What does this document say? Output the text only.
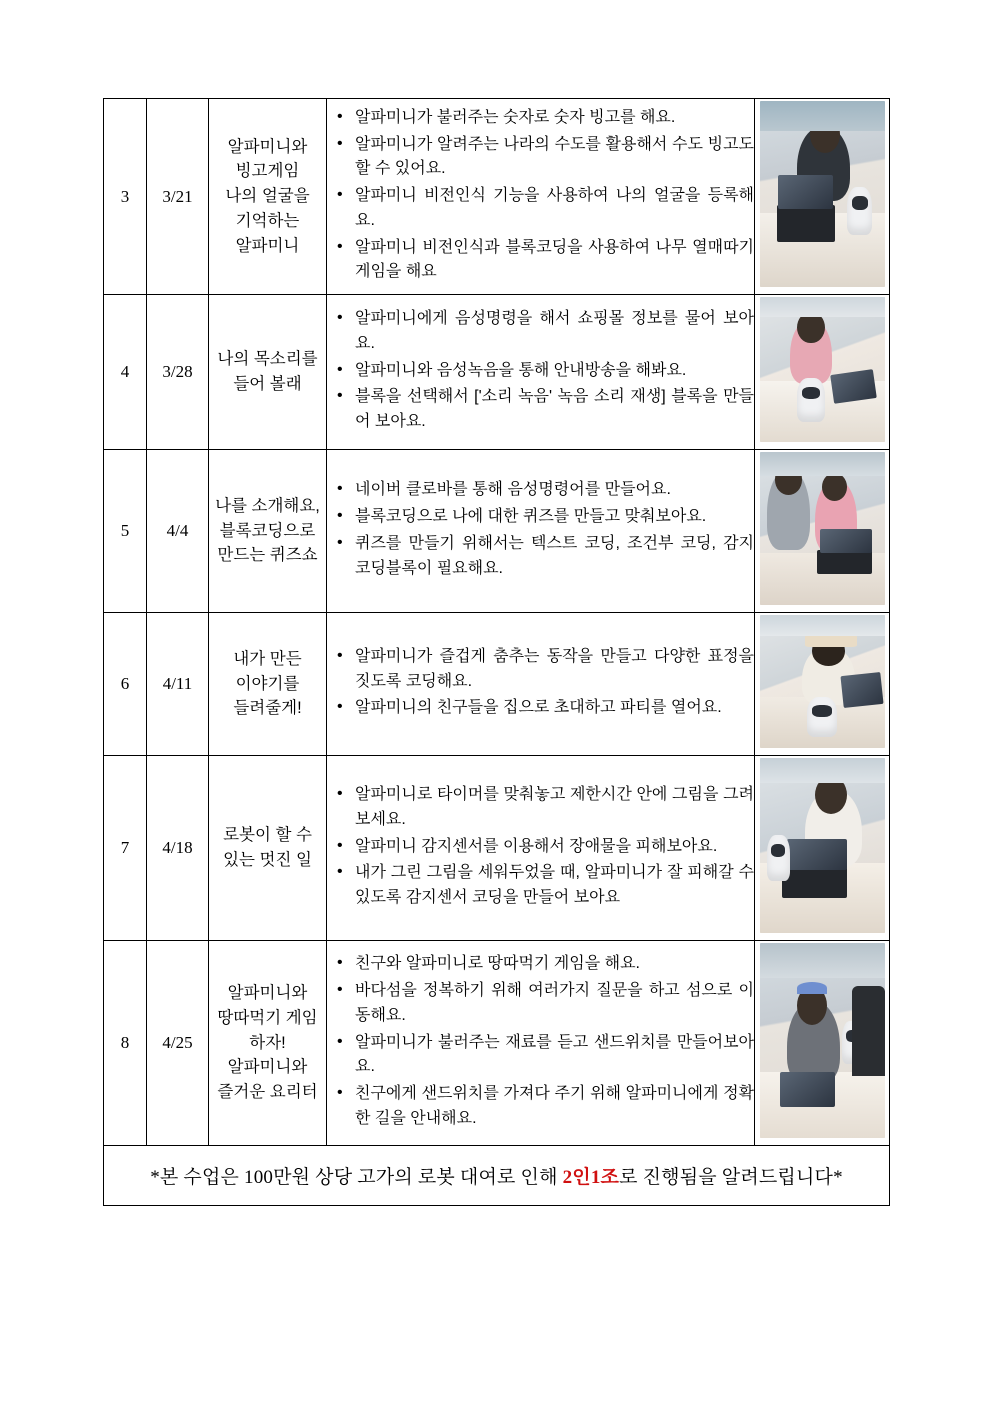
3	3/21	
알파미니와
빙고게임
나의 얼굴을
기억하는
알파미니

• 알파미니가 불러주는 숫자로 숫자 빙고를 해요.
• 알파미니가 알려주는 나라의 수도를 활용해서 수도 빙고도 할 수 있어요.
• 알파미니 비전인식 기능을 사용하여 나의 얼굴을 등록해요.
• 알파미니 비전인식과 블록코딩을 사용하여 나무 열매따기 게임을 해요

4	3/28	
나의 목소리를
들어 볼래

• 알파미니에게 음성명령을 해서 쇼핑몰 정보를 물어 보아요.
• 알파미니와 음성녹음을 통해 안내방송을 해봐요.
• 블록을 선택해서 ['소리 녹음' 녹음 소리 재생] 블록을 만들어 보아요.

5	4/4	
나를 소개해요,
블록코딩으로
만드는 퀴즈쇼

• 네이버 클로바를 통해 음성명령어를 만들어요.
• 블록코딩으로 나에 대한 퀴즈를 만들고 맞춰보아요.
• 퀴즈를 만들기 위해서는 텍스트 코딩, 조건부 코딩, 감지 코딩블록이 필요해요.

6	4/11	
내가 만든
이야기를
들려줄게!

• 알파미니가 즐겁게 춤추는 동작을 만들고 다양한 표정을 짓도록 코딩해요.
• 알파미니의 친구들을 집으로 초대하고 파티를 열어요.

7	4/18	
로봇이 할 수
있는 멋진 일

• 알파미니로 타이머를 맞춰놓고 제한시간 안에 그림을 그려보세요.
• 알파미니 감지센서를 이용해서 장애물을 피해보아요.
• 내가 그린 그림을 세워두었을 때, 알파미니가 잘 피해갈 수 있도록 감지센서 코딩을 만들어 보아요

8	4/25	
알파미니와
땅따먹기 게임
하자!
알파미니와
즐거운 요리터

• 친구와 알파미니로 땅따먹기 게임을 해요.
• 바다섬을 정복하기 위해 여러가지 질문을 하고 섬으로 이동해요.
• 알파미니가 불러주는 재료를 듣고 샌드위치를 만들어보아요.
• 친구에게 샌드위치를 가져다 주기 위해 알파미니에게 정확한 길을 안내해요.

*본 수업은 100만원 상당 고가의 로봇 대여로 인해 2인1조로 진행됨을 알려드립니다*				
